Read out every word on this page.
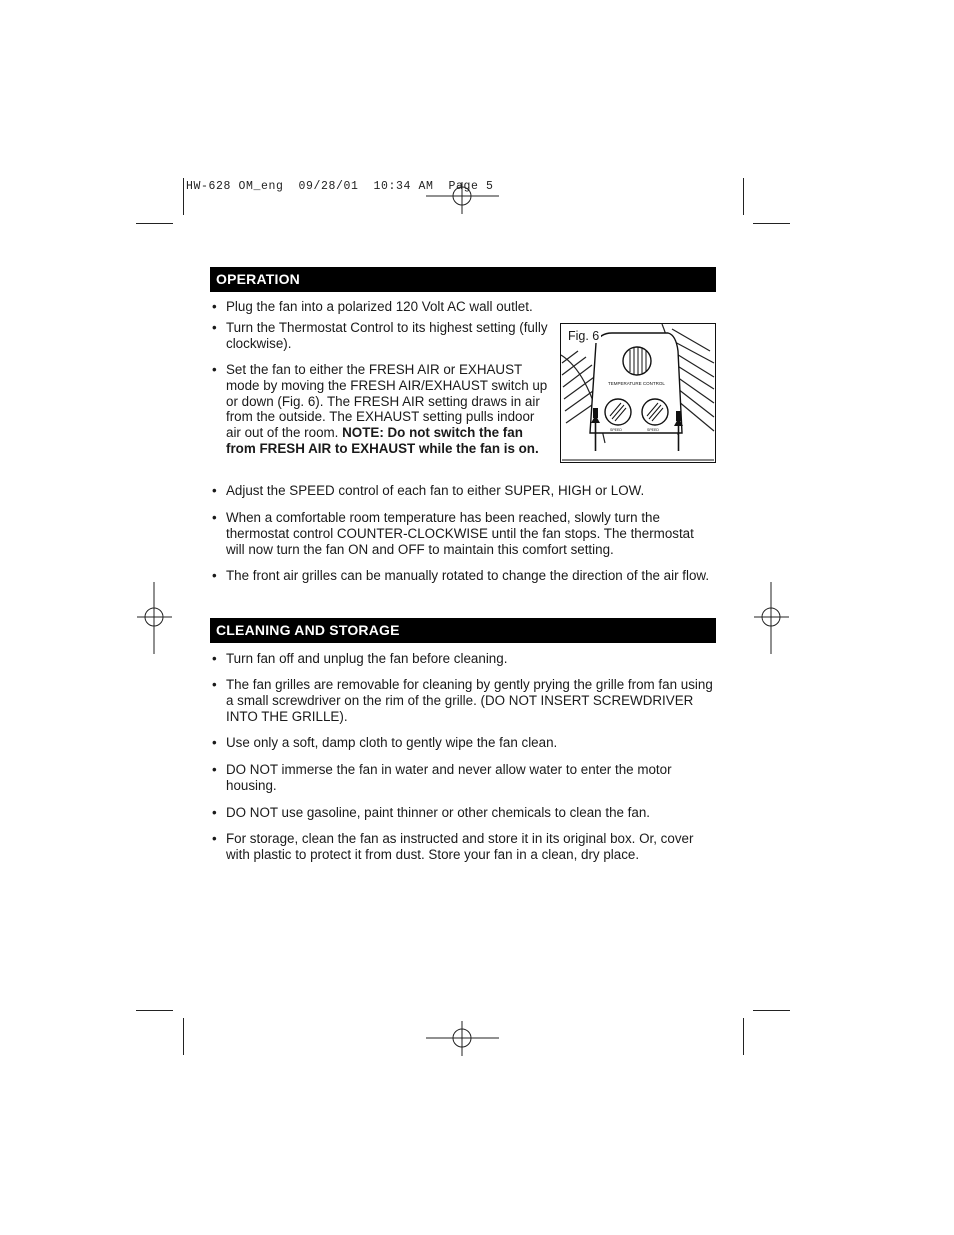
HW-628 OM_eng  09/28/01  10:34 AM  Page 5
OPERATION
• Plug the fan into a polarized 120 Volt AC wall outlet.
• Turn the Thermostat Control to its highest setting (fully clockwise).
• Set the fan to either the FRESH AIR or EXHAUST mode by moving the FRESH AIR/EXHAUST switch up or down (Fig. 6). The FRESH AIR setting draws in air from the outside. The EXHAUST setting pulls indoor air out of the room. NOTE: Do not switch the fan from FRESH AIR to EXHAUST while the fan is on.
• Adjust the SPEED control of each fan to either SUPER, HIGH or LOW.
• When a comfortable room temperature has been reached, slowly turn the thermostat control COUNTER-CLOCKWISE until the fan stops. The thermostat will now turn the fan ON and OFF to maintain this comfort setting.
• The front air grilles can be manually rotated to change the direction of the air flow.
TEMPERATURE CONTROL
SPEED	SPEED
Fig. 6
CLEANING AND STORAGE
• Turn fan off and unplug the fan before cleaning.
• The fan grilles are removable for cleaning by gently prying the grille from fan using a small screwdriver on the rim of the grille. (DO NOT INSERT SCREWDRIVER INTO THE GRILLE).
• Use only a soft, damp cloth to gently wipe the fan clean.
• DO NOT immerse the fan in water and never allow water to enter the motor housing.
• DO NOT use gasoline, paint thinner or other chemicals to clean the fan.
• For storage, clean the fan as instructed and store it in its original box. Or, cover with plastic to protect it from dust. Store your fan in a clean, dry place.
